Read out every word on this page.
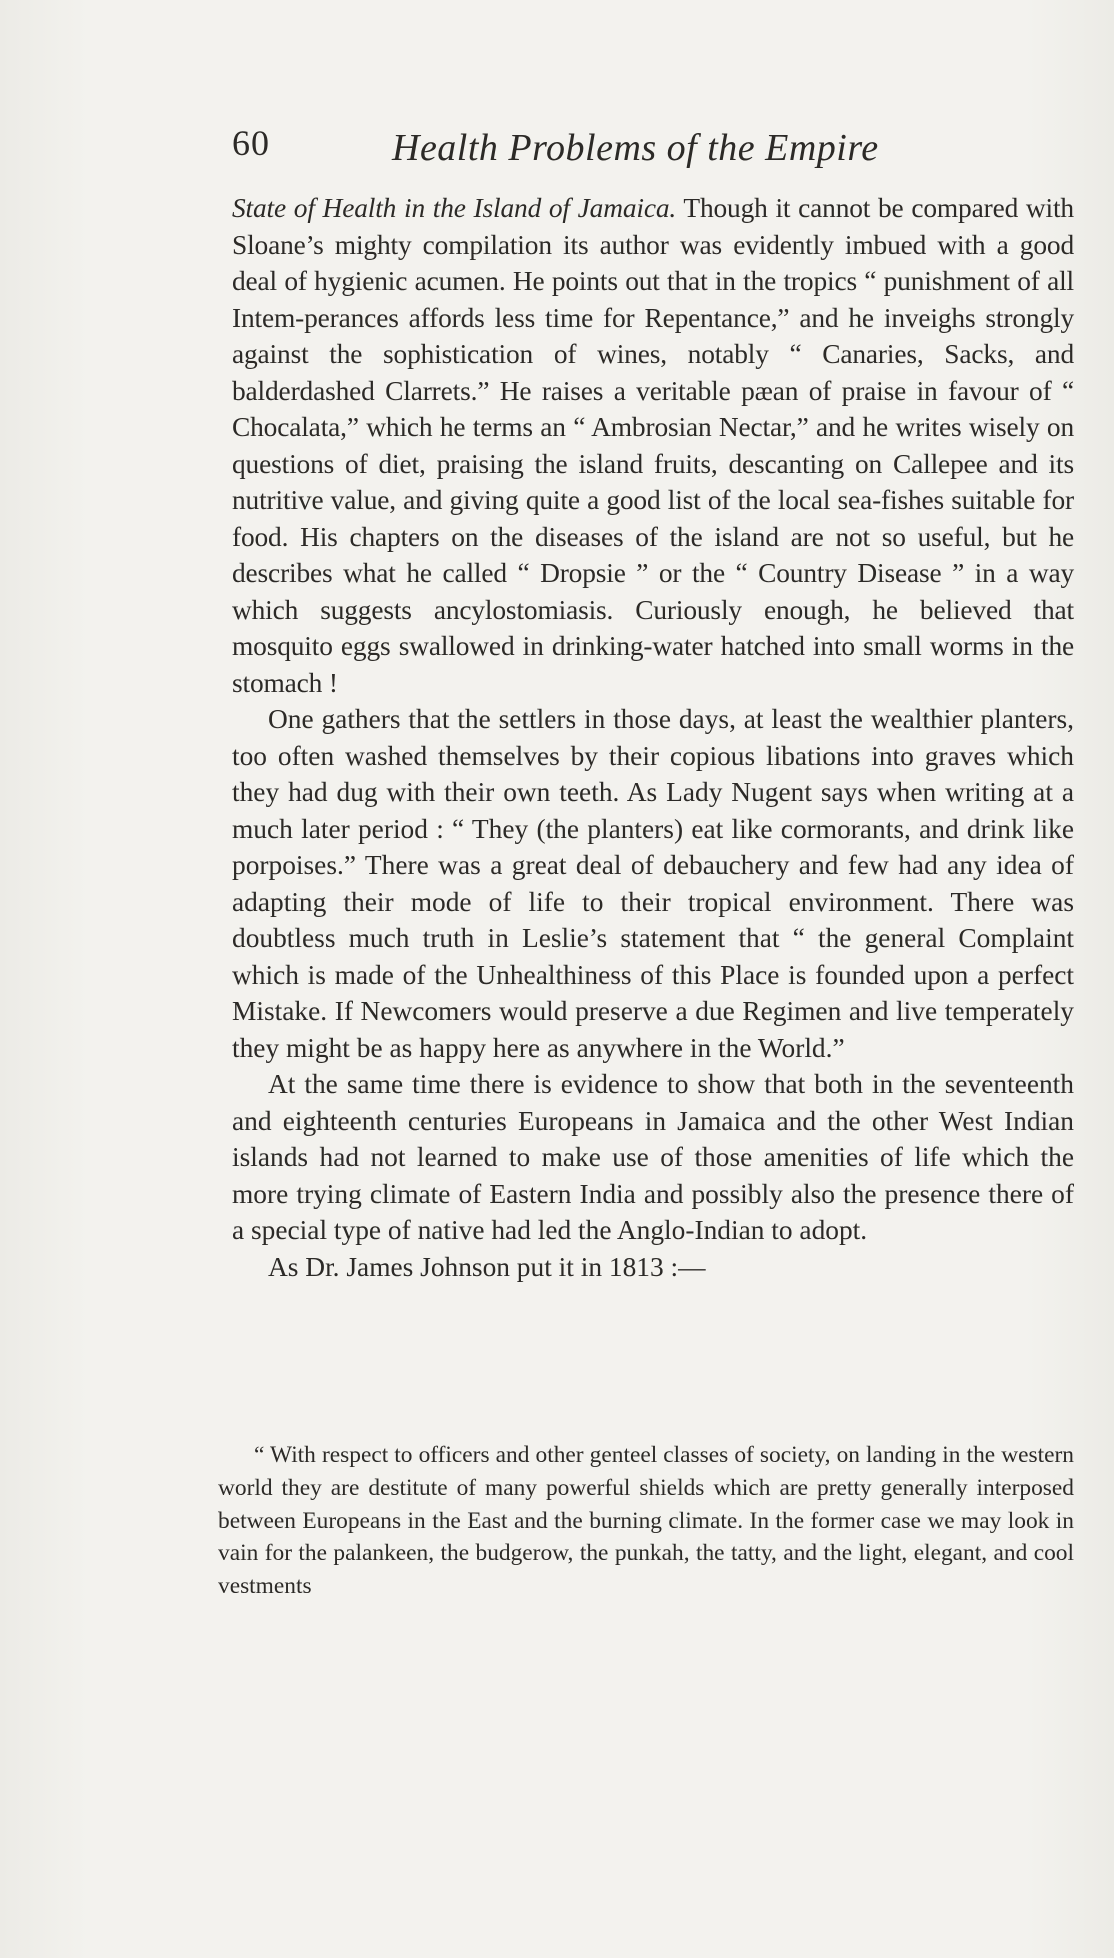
60	Health Problems of the Empire

State of Health in the Island of Jamaica. Though it cannot be compared with Sloane’s mighty compilation its author was evidently imbued with a good deal of hygienic acumen. He points out that in the tropics “ punishment of all Intem-perances affords less time for Repentance,” and he inveighs strongly against the sophistication of wines, notably “ Canaries, Sacks, and balderdashed Clarrets.” He raises a veritable pæan of praise in favour of “ Chocalata,” which he terms an “ Ambrosian Nectar,” and he writes wisely on questions of diet, praising the island fruits, descanting on Callepee and its nutritive value, and giving quite a good list of the local sea-fishes suitable for food. His chapters on the diseases of the island are not so useful, but he describes what he called “ Dropsie ” or the “ Country Disease ” in a way which suggests ancylostomiasis. Curiously enough, he believed that mosquito eggs swallowed in drinking-water hatched into small worms in the stomach !

One gathers that the settlers in those days, at least the wealthier planters, too often washed themselves by their copious libations into graves which they had dug with their own teeth. As Lady Nugent says when writing at a much later period : “ They (the planters) eat like cormorants, and drink like porpoises.” There was a great deal of debauchery and few had any idea of adapting their mode of life to their tropical environment. There was doubtless much truth in Leslie’s statement that “ the general Complaint which is made of the Unhealthiness of this Place is founded upon a perfect Mistake. If Newcomers would preserve a due Regimen and live temperately they might be as happy here as anywhere in the World.”

At the same time there is evidence to show that both in the seventeenth and eighteenth centuries Europeans in Jamaica and the other West Indian islands had not learned to make use of those amenities of life which the more trying climate of Eastern India and possibly also the presence there of a special type of native had led the Anglo-Indian to adopt.

As Dr. James Johnson put it in 1813 :—

“ With respect to officers and other genteel classes of society, on landing in the western world they are destitute of many powerful shields which are pretty generally interposed between Europeans in the East and the burning climate. In the former case we may look in vain for the palankeen, the budgerow, the punkah, the tatty, and the light, elegant, and cool vestments
